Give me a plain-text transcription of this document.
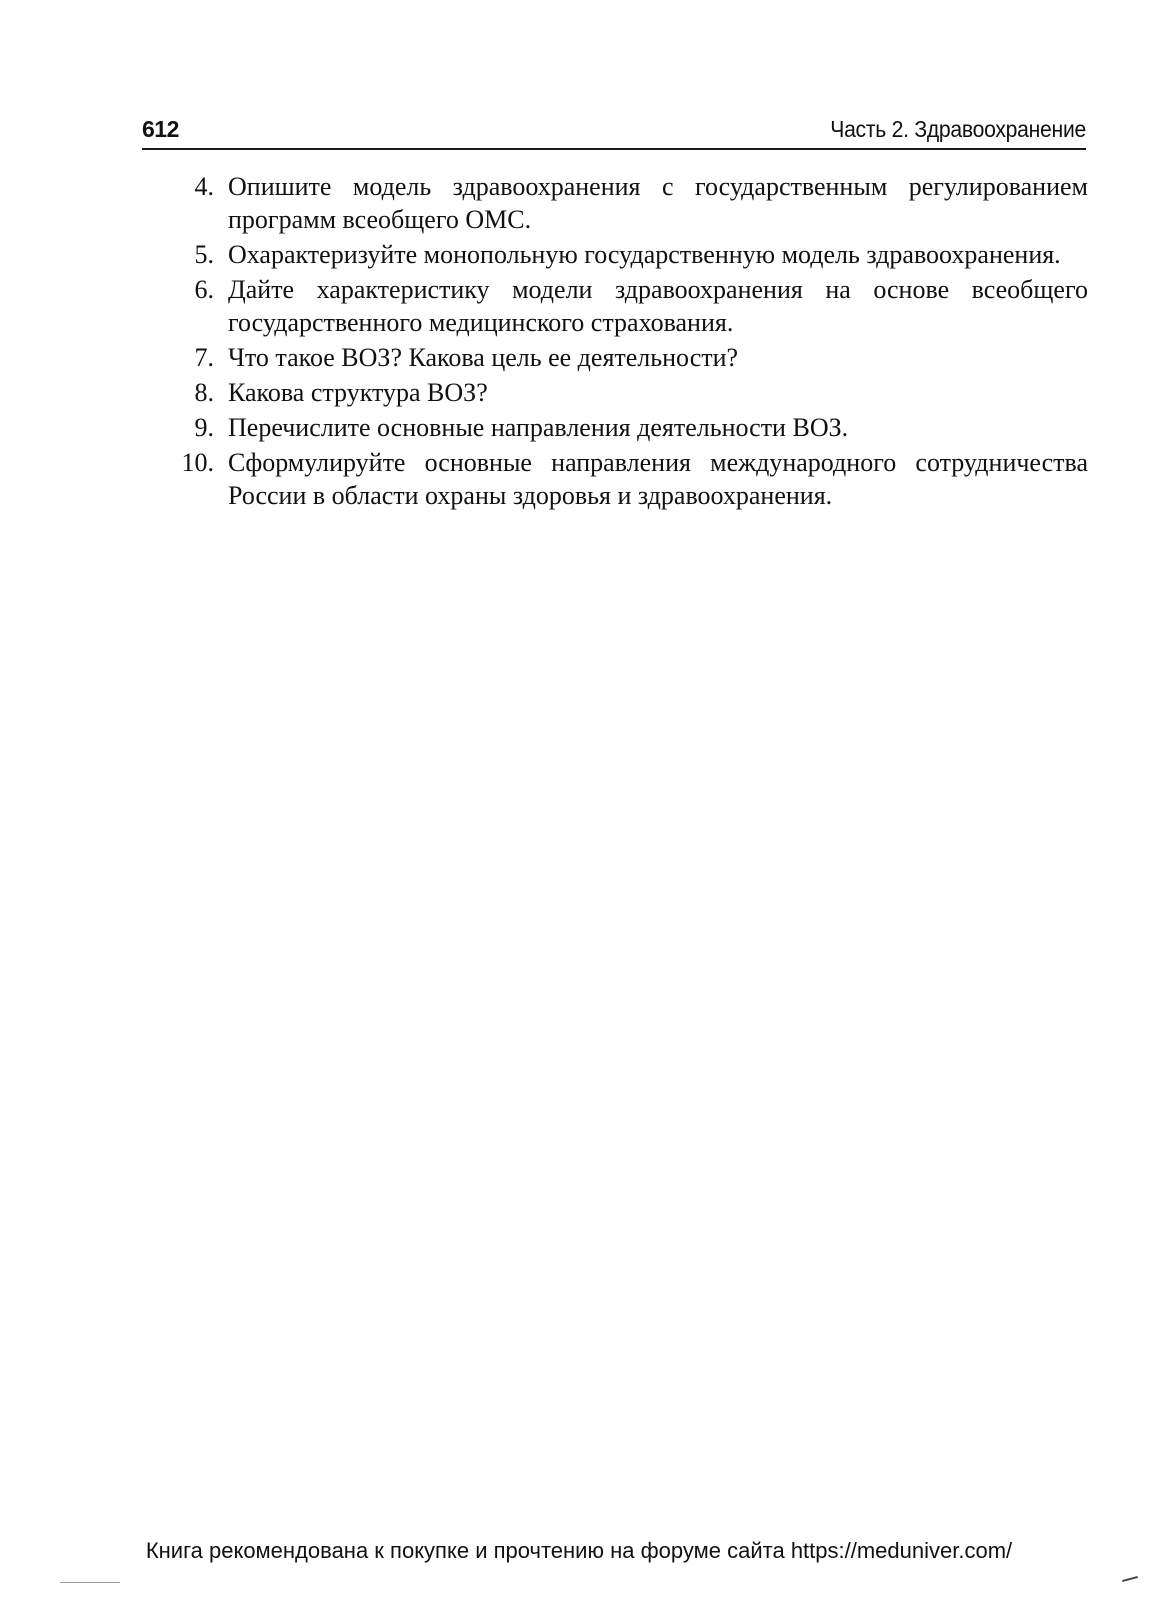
612	Часть 2. Здравоохранение
4. Опишите модель здравоохранения с государственным регулированием программ всеобщего ОМС.
5. Охарактеризуйте монопольную государственную модель здравоохранения.
6. Дайте характеристику модели здравоохранения на основе всеобщего государственного медицинского страхования.
7. Что такое ВОЗ? Какова цель ее деятельности?
8. Какова структура ВОЗ?
9. Перечислите основные направления деятельности ВОЗ.
10. Сформулируйте основные направления международного сотрудничества России в области охраны здоровья и здравоохранения.
Книга рекомендована к покупке и прочтению на форуме сайта https://meduniver.com/
